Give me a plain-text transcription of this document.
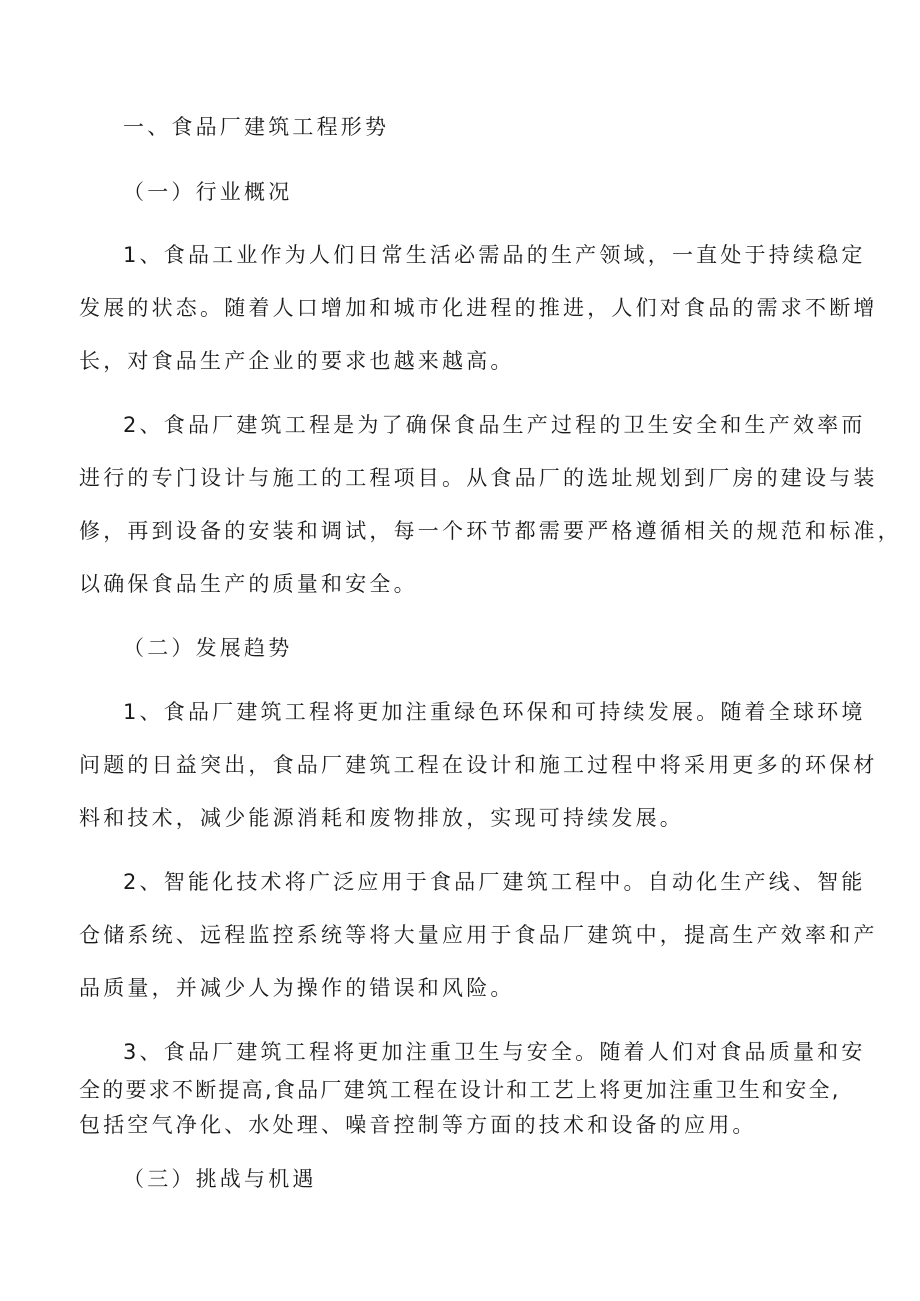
一、食品厂建筑工程形势
（一）行业概况
1、食品工业作为人们日常生活必需品的生产领域，一直处于持续稳定
发展的状态。随着人口增加和城市化进程的推进，人们对食品的需求不断增
长，对食品生产企业的要求也越来越高。
2、食品厂建筑工程是为了确保食品生产过程的卫生安全和生产效率而
进行的专门设计与施工的工程项目。从食品厂的选址规划到厂房的建设与装
修，再到设备的安装和调试，每一个环节都需要严格遵循相关的规范和标准，
以确保食品生产的质量和安全。
（二）发展趋势
1、食品厂建筑工程将更加注重绿色环保和可持续发展。随着全球环境
问题的日益突出，食品厂建筑工程在设计和施工过程中将采用更多的环保材
料和技术，减少能源消耗和废物排放，实现可持续发展。
2、智能化技术将广泛应用于食品厂建筑工程中。自动化生产线、智能
仓储系统、远程监控系统等将大量应用于食品厂建筑中，提高生产效率和产
品质量，并减少人为操作的错误和风险。
3、食品厂建筑工程将更加注重卫生与安全。随着人们对食品质量和安
全的要求不断提高,食品厂建筑工程在设计和工艺上将更加注重卫生和安全,
包括空气净化、水处理、噪音控制等方面的技术和设备的应用。
（三）挑战与机遇
